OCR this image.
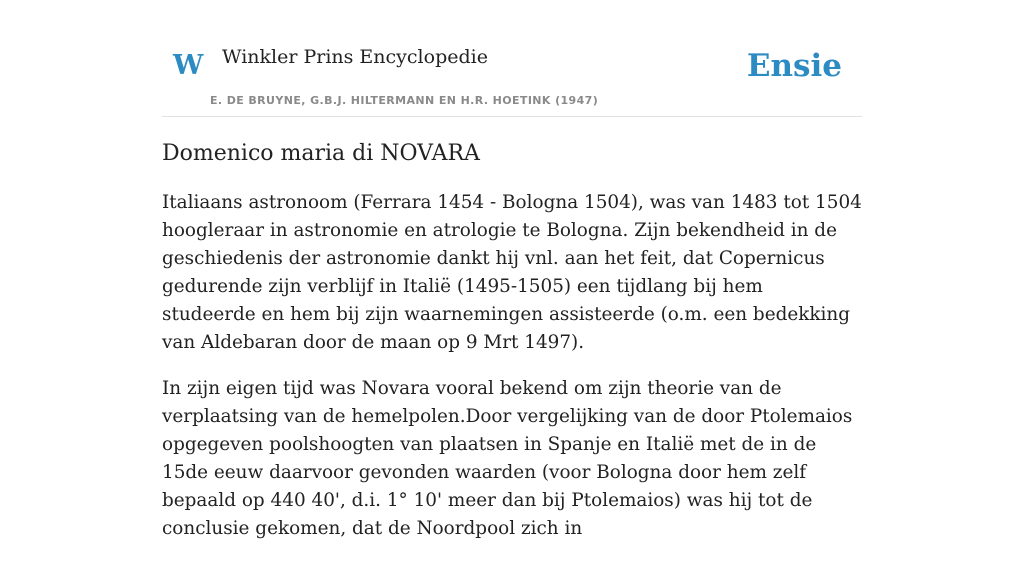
W Winkler Prins Encyclopedie
E. DE BRUYNE, G.B.J. HILTERMANN EN H.R. HOETINK (1947)
Ensie
Domenico maria di NOVARA

Italiaans astronoom (Ferrara 1454 - Bologna 1504), was van 1483 tot 1504 hoogleraar in astronomie en atrologie te Bologna. Zijn bekendheid in de geschiedenis der astronomie dankt hij vnl. aan het feit, dat Copernicus gedurende zijn verblijf in Italië (1495-1505) een tijdlang bij hem studeerde en hem bij zijn waarnemingen assisteerde (o.m. een bedekking van Aldebaran door de maan op 9 Mrt 1497).

In zijn eigen tijd was Novara vooral bekend om zijn theorie van de verplaatsing van de hemelpolen.Door vergelijking van de door Ptolemaios opgegeven poolshoogten van plaatsen in Spanje en Italië met de in de 15de eeuw daarvoor gevonden waarden (voor Bologna door hem zelf bepaald op 440 40', d.i. 1° 10' meer dan bij Ptolemaios) was hij tot de conclusie gekomen, dat de Noordpool zich in
